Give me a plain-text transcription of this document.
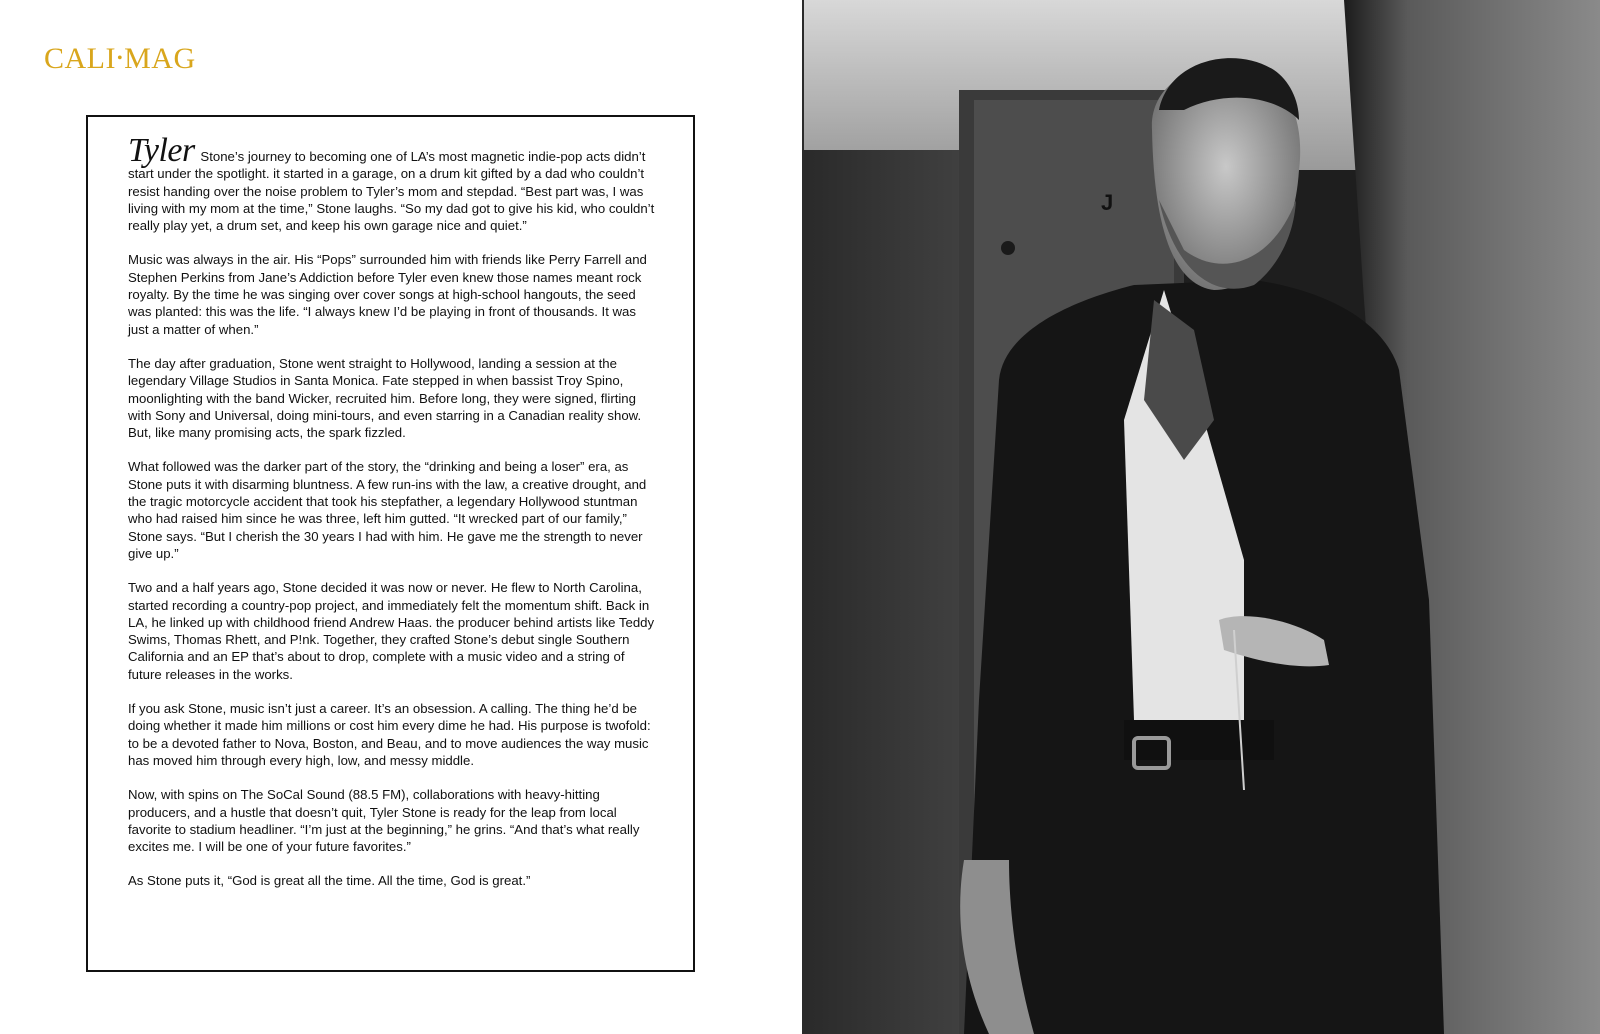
CALI•MAG

Tyler Stone’s journey to becoming one of LA’s most magnetic indie-pop acts didn’t start under the spotlight. it started in a garage, on a drum kit gifted by a dad who couldn’t resist handing over the noise problem to Tyler’s mom and stepdad. “Best part was, I was living with my mom at the time,” Stone laughs. “So my dad got to give his kid, who couldn’t really play yet, a drum set, and keep his own garage nice and quiet.”

Music was always in the air. His “Pops” surrounded him with friends like Perry Farrell and Stephen Perkins from Jane’s Addiction before Tyler even knew those names meant rock royalty. By the time he was singing over cover songs at high-school hangouts, the seed was planted: this was the life. “I always knew I’d be playing in front of thousands. It was just a matter of when.”

The day after graduation, Stone went straight to Hollywood, landing a session at the legendary Village Studios in Santa Monica. Fate stepped in when bassist Troy Spino, moonlighting with the band Wicker, recruited him. Before long, they were signed, flirting with Sony and Universal, doing mini-tours, and even starring in a Canadian reality show. But, like many promising acts, the spark fizzled.

What followed was the darker part of the story, the “drinking and being a loser” era, as Stone puts it with disarming bluntness. A few run-ins with the law, a creative drought, and the tragic motorcycle accident that took his stepfather, a legendary Hollywood stuntman who had raised him since he was three, left him gutted. “It wrecked part of our family,” Stone says. “But I cherish the 30 years I had with him. He gave me the strength to never give up.”

Two and a half years ago, Stone decided it was now or never. He flew to North Carolina, started recording a country-pop project, and immediately felt the momentum shift. Back in LA, he linked up with childhood friend Andrew Haas. the producer behind artists like Teddy Swims, Thomas Rhett, and P!nk. Together, they crafted Stone’s debut single Southern California and an EP that’s about to drop, complete with a music video and a string of future releases in the works.

If you ask Stone, music isn’t just a career. It’s an obsession. A calling. The thing he’d be doing whether it made him millions or cost him every dime he had. His purpose is twofold: to be a devoted father to Nova, Boston, and Beau, and to move audiences the way music has moved him through every high, low, and messy middle.

Now, with spins on The SoCal Sound (88.5 FM), collaborations with heavy-hitting producers, and a hustle that doesn’t quit, Tyler Stone is ready for the leap from local favorite to stadium headliner. “I’m just at the beginning,” he grins. “And that’s what really excites me. I will be one of your future favorites.”

As Stone puts it, “God is great all the time. All the time, God is great.”

J
